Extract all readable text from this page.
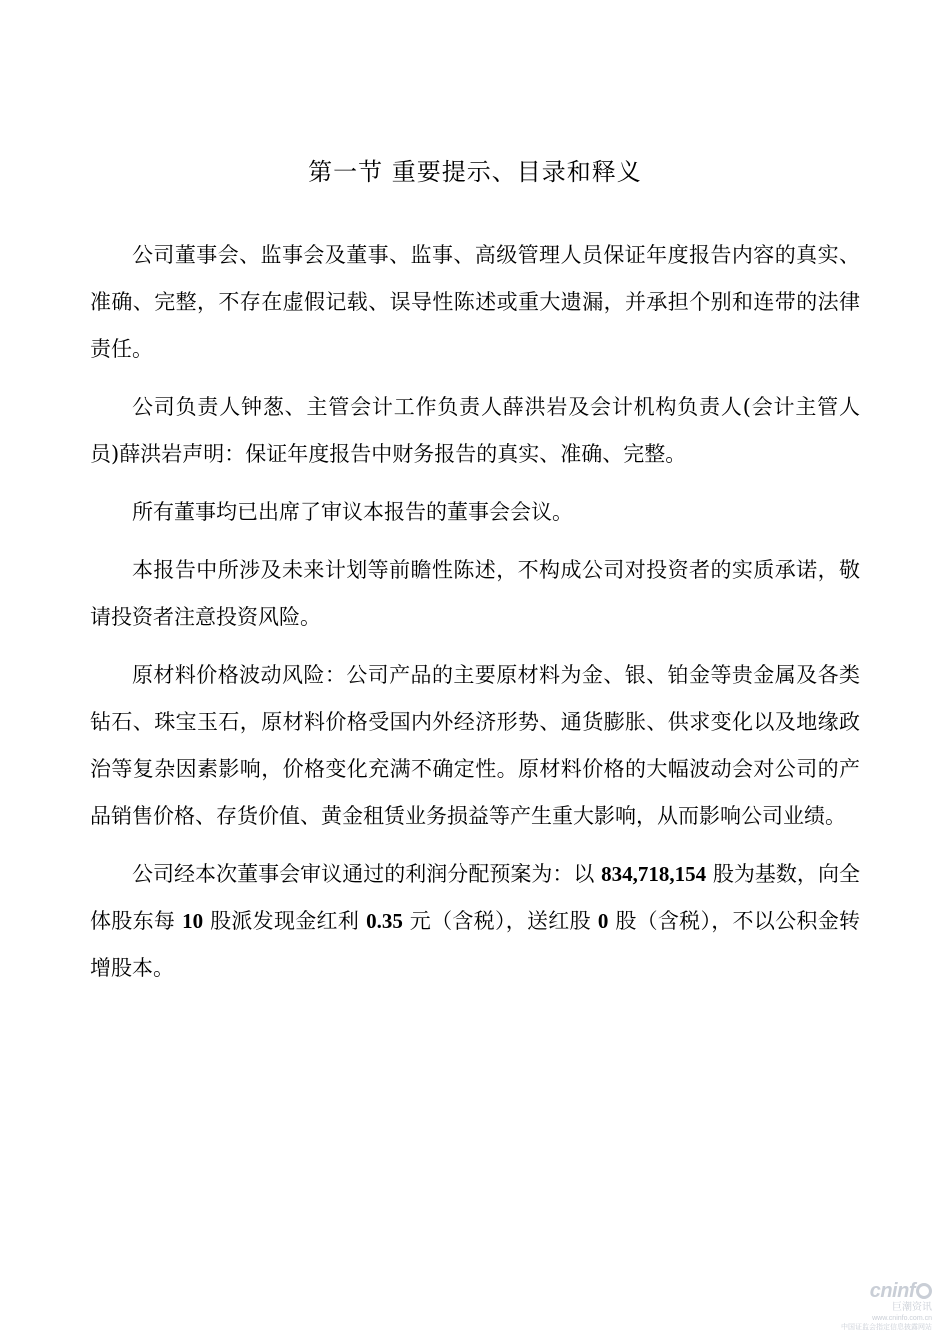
第一节 重要提示、目录和释义

公司董事会、监事会及董事、监事、高级管理人员保证年度报告内容的真实、准确、完整，不存在虚假记载、误导性陈述或重大遗漏，并承担个别和连带的法律责任。

公司负责人钟葱、主管会计工作负责人薛洪岩及会计机构负责人(会计主管人员)薛洪岩声明：保证年度报告中财务报告的真实、准确、完整。

所有董事均已出席了审议本报告的董事会会议。

本报告中所涉及未来计划等前瞻性陈述，不构成公司对投资者的实质承诺，敬请投资者注意投资风险。

原材料价格波动风险：公司产品的主要原材料为金、银、铂金等贵金属及各类钻石、珠宝玉石，原材料价格受国内外经济形势、通货膨胀、供求变化以及地缘政治等复杂因素影响，价格变化充满不确定性。原材料价格的大幅波动会对公司的产品销售价格、存货价值、黄金租赁业务损益等产生重大影响，从而影响公司业绩。

公司经本次董事会审议通过的利润分配预案为：以 834,718,154 股为基数，向全体股东每 10 股派发现金红利 0.35 元（含税），送红股 0 股（含税），不以公积金转增股本。

cninf
巨潮资讯
www.cninfo.com.cn
中国证监会指定信息披露网站
